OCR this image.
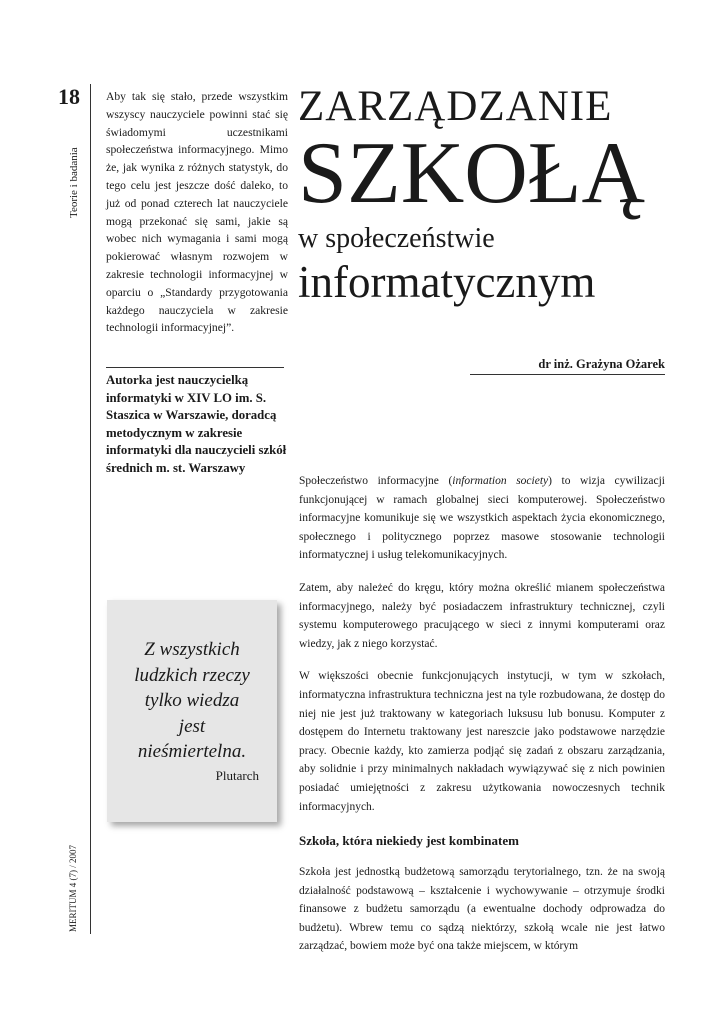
18
Teorie i badania
MERITUM 4 (7) / 2007

Aby tak się stało, przede wszystkim wszyscy nauczyciele powinni stać się świadomymi uczestnikami społeczeństwa informacyjnego. Mimo że, jak wynika z różnych statystyk, do tego celu jest jeszcze dość daleko, to już od ponad czterech lat nauczyciele mogą przekonać się sami, jakie są wobec nich wymagania i sami mogą pokierować własnym rozwojem w zakresie technologii informacyjnej w oparciu o „Standardy przygotowania każdego nauczyciela w zakresie technologii informacyjnej”.

ZARZĄDZANIE
SZKOŁĄ
w społeczeństwie
informatycznym
dr inż. Grażyna Ożarek

Autorka jest nauczycielką informatyki w XIV LO im. S. Staszica w Warszawie, doradcą metodycznym w zakresie informatyki dla nauczycieli szkół średnich m. st. Warszawy

Z wszystkich
ludzkich rzeczy
tylko wiedza
jest
nieśmiertelna.

Plutarch

Społeczeństwo informacyjne (information society) to wizja cywilizacji funkcjonującej w ramach globalnej sieci komputerowej. Społeczeństwo informacyjne komunikuje się we wszystkich aspektach życia ekonomicznego, społecznego i politycznego poprzez masowe stosowanie technologii informatycznej i usług telekomunikacyjnych.

Zatem, aby należeć do kręgu, który można określić mianem społeczeństwa informacyjnego, należy być posiadaczem infrastruktury technicznej, czyli systemu komputerowego pracującego w sieci z innymi komputerami oraz wiedzy, jak z niego korzystać.

W większości obecnie funkcjonujących instytucji, w tym w szkołach, informatyczna infrastruktura techniczna jest na tyle rozbudowana, że dostęp do niej nie jest już traktowany w kategoriach luksusu lub bonusu. Komputer z dostępem do Internetu traktowany jest nareszcie jako podstawowe narzędzie pracy. Obecnie każdy, kto zamierza podjąć się zadań z obszaru zarządzania, aby solidnie i przy minimalnych nakładach wywiązywać się z nich powinien posiadać umiejętności z zakresu użytkowania nowoczesnych technik informacyjnych.

Szkoła, która niekiedy jest kombinatem

Szkoła jest jednostką budżetową samorządu terytorialnego, tzn. że na swoją działalność podstawową – kształcenie i wychowywanie – otrzymuje środki finansowe z budżetu samorządu (a ewentualne dochody odprowadza do budżetu). Wbrew temu co sądzą niektórzy, szkołą wcale nie jest łatwo zarządzać, bowiem może być ona także miejscem, w którym
